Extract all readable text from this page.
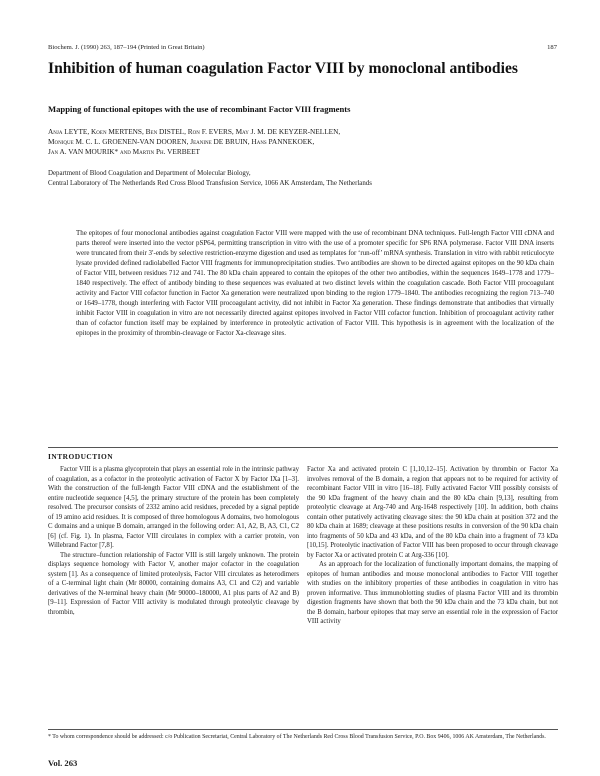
Biochem. J. (1990) 263, 187–194 (Printed in Great Britain)	187
Inhibition of human coagulation Factor VIII by monoclonal antibodies
Mapping of functional epitopes with the use of recombinant Factor VIII fragments
Anja LEYTE, Koen MERTENS, Ben DISTEL, Ron F. EVERS, May J. M. DE KEYZER-NELLEN,
Monique M. C. L. GROENEN-VAN DOOREN, Jeanine DE BRUIN, Hans PANNEKOEK,
Jan A. VAN MOURIK* and Martin Ph. VERBEET
Department of Blood Coagulation and Department of Molecular Biology,
Central Laboratory of The Netherlands Red Cross Blood Transfusion Service, 1066 AK Amsterdam, The Netherlands
The epitopes of four monoclonal antibodies against coagulation Factor VIII were mapped with the use of recombinant DNA techniques. Full-length Factor VIII cDNA and parts thereof were inserted into the vector pSP64, permitting transcription in vitro with the use of a promoter specific for SP6 RNA polymerase. Factor VIII DNA inserts were truncated from their 3′-ends by selective restriction-enzyme digestion and used as templates for ‘run-off’ mRNA synthesis. Translation in vitro with rabbit reticulocyte lysate provided defined radiolabelled Factor VIII fragments for immunoprecipitation studies. Two antibodies are shown to be directed against epitopes on the 90 kDa chain of Factor VIII, between residues 712 and 741. The 80 kDa chain appeared to contain the epitopes of the other two antibodies, within the sequences 1649–1778 and 1779–1840 respectively. The effect of antibody binding to these sequences was evaluated at two distinct levels within the coagulation cascade. Both Factor VIII procoagulant activity and Factor VIII cofactor function in Factor Xa generation were neutralized upon binding to the region 1779–1840. The antibodies recognizing the region 713–740 or 1649–1778, though interfering with Factor VIII procoagulant activity, did not inhibit in Factor Xa generation. These findings demonstrate that antibodies that virtually inhibit Factor VIII in coagulation in vitro are not necessarily directed against epitopes involved in Factor VIII cofactor function. Inhibition of procoagulant activity rather than of cofactor function itself may be explained by interference in proteolytic activation of Factor VIII. This hypothesis is in agreement with the localization of the epitopes in the proximity of thrombin-cleavage or Factor Xa-cleavage sites.
INTRODUCTION

Factor VIII is a plasma glycoprotein that plays an essential role in the intrinsic pathway of coagulation, as a cofactor in the proteolytic activation of Factor X by Factor IXa [1–3]. With the construction of the full-length Factor VIII cDNA and the establishment of the entire nucleotide sequence [4,5], the primary structure of the protein has been completely resolved. The precursor consists of 2332 amino acid residues, preceded by a signal peptide of 19 amino acid residues. It is composed of three homologous A domains, two homologous C domains and a unique B domain, arranged in the following order: A1, A2, B, A3, C1, C2 [6] (cf. Fig. 1). In plasma, Factor VIII circulates in complex with a carrier protein, von Willebrand Factor [7,8].

The structure–function relationship of Factor VIII is still largely unknown. The protein displays sequence homology with Factor V, another major cofactor in the coagulation system [1]. As a consequence of limited proteolysis, Factor VIII circulates as heterodimers of a C-terminal light chain (Mr 80000, containing domains A3, C1 and C2) and variable derivatives of the N-terminal heavy chain (Mr 90000–180000, A1 plus parts of A2 and B) [9–11]. Expression of Factor VIII activity is modulated through proteolytic cleavage by thrombin,

Factor Xa and activated protein C [1,10,12–15]. Activation by thrombin or Factor Xa involves removal of the B domain, a region that appears not to be required for activity of recombinant Factor VIII in vitro [16–18]. Fully activated Factor VIII possibly consists of the 90 kDa fragment of the heavy chain and the 80 kDa chain [9,13], resulting from proteolytic cleavage at Arg-740 and Arg-1648 respectively [10]. In addition, both chains contain other putatively activating cleavage sites: the 90 kDa chain at position 372 and the 80 kDa chain at 1689; cleavage at these positions results in conversion of the 90 kDa chain into fragments of 50 kDa and 43 kDa, and of the 80 kDa chain into a fragment of 73 kDa [10,15]. Proteolytic inactivation of Factor VIII has been proposed to occur through cleavage by Factor Xa or activated protein C at Arg-336 [10].

As an approach for the localization of functionally important domains, the mapping of epitopes of human antibodies and mouse monoclonal antibodies to Factor VIII together with studies on the inhibitory properties of these antibodies in coagulation in vitro has proven informative. Thus immunoblotting studies of plasma Factor VIII and its thrombin digestion fragments have shown that both the 90 kDa chain and the 73 kDa chain, but not the B domain, harbour epitopes that may serve an essential role in the expression of Factor VIII activity

* To whom correspondence should be addressed: c/o Publication Secretariat, Central Laboratory of The Netherlands Red Cross Blood Transfusion Service, P.O. Box 9406, 1006 AK Amsterdam, The Netherlands.
Vol. 263
